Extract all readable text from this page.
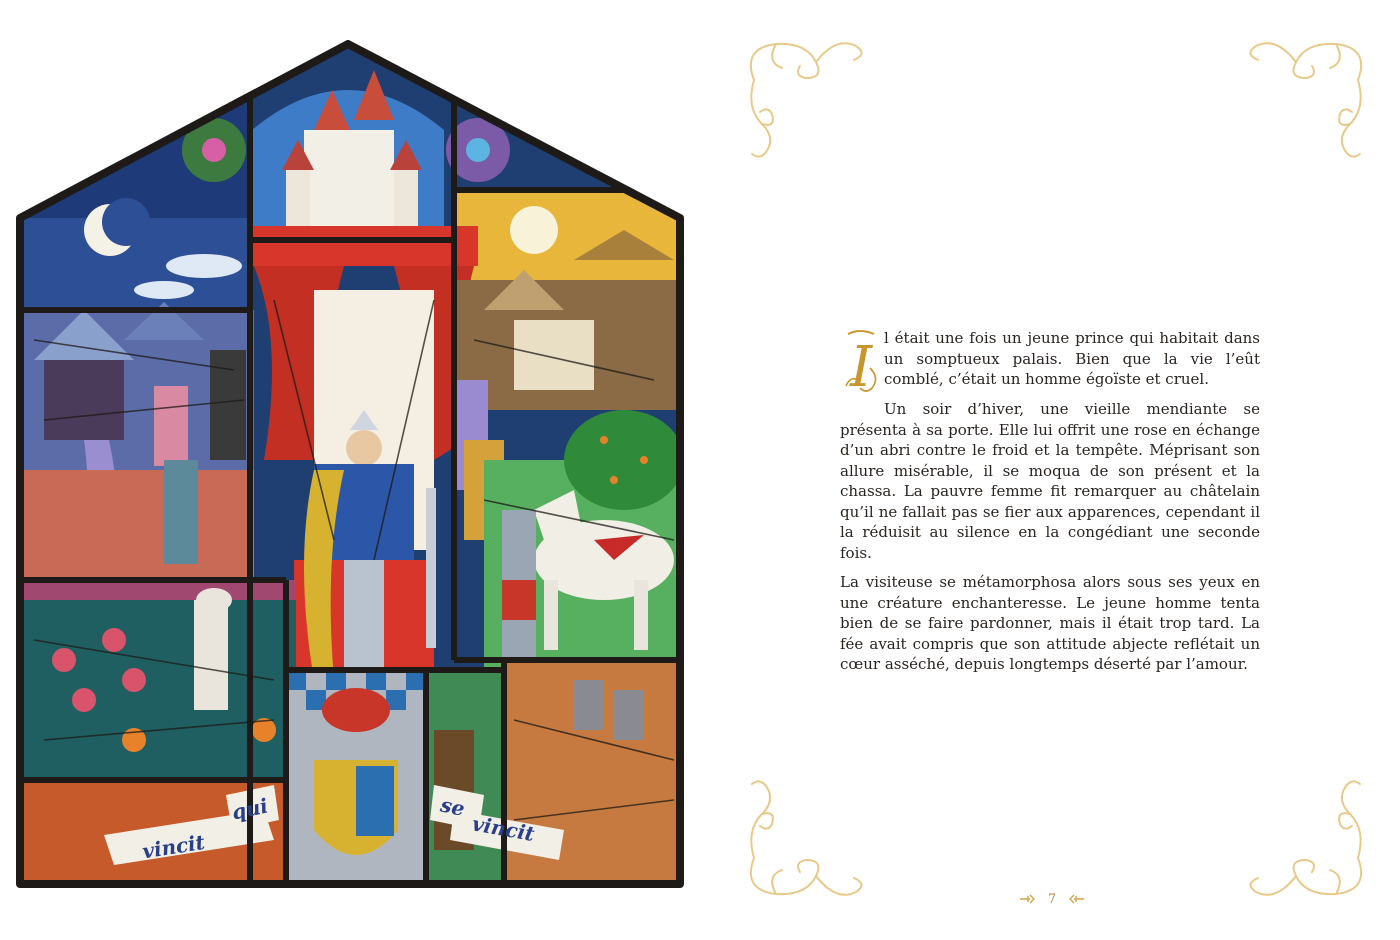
vincit
qui	se
vincit

I l était une fois un jeune prince qui habitait dans un somptueux palais. Bien que la vie l’eût comblé, c’était un homme égoïste et cruel.

Un soir d’hiver, une vieille mendiante se présenta à sa porte. Elle lui offrit une rose en échange d’un abri contre le froid et la tempête. Méprisant son allure misérable, il se moqua de son présent et la chassa. La pauvre femme fit remarquer au châtelain qu’il ne fallait pas se fier aux apparences, cependant il la réduisit au silence en la congédiant une seconde fois.

La visiteuse se métamorphosa alors sous ses yeux en une créature enchanteresse. Le jeune homme tenta bien de se faire pardonner, mais il était trop tard. La fée avait compris que son attitude abjecte reflétait un cœur asséché, depuis longtemps déserté par l’amour.

7
